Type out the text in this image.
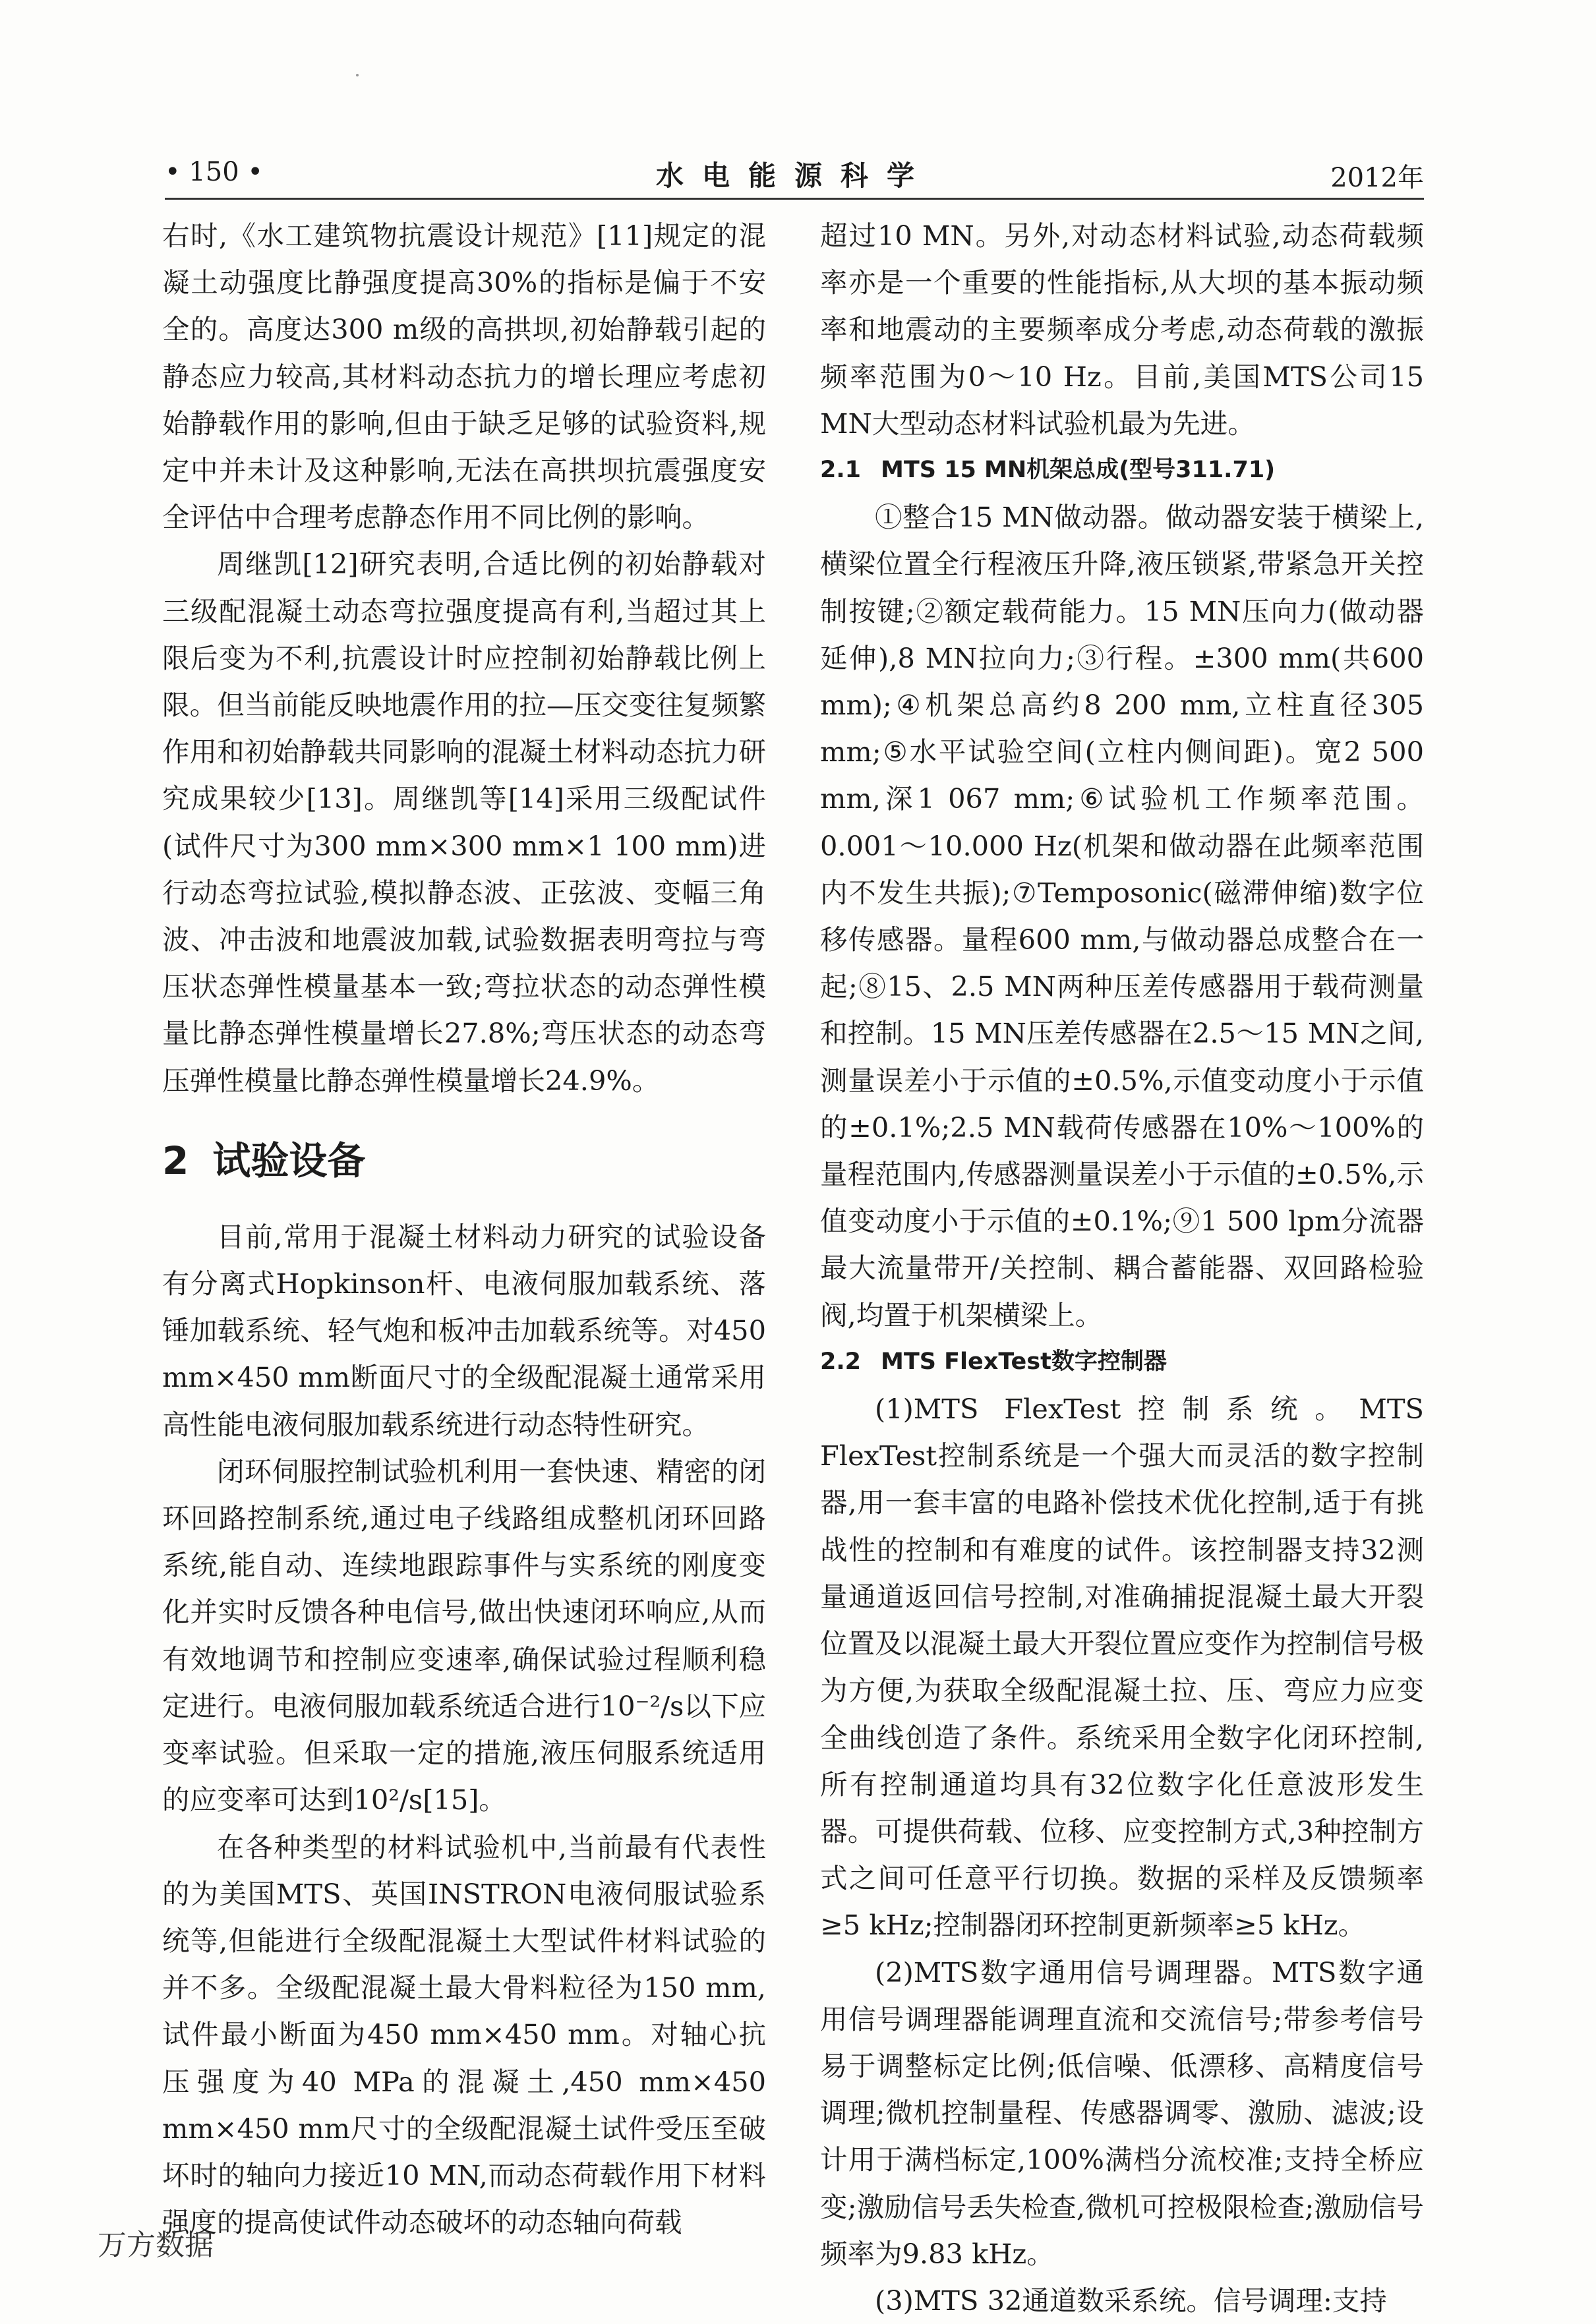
• 150 •	水电能源科学	2012年

右时,《水工建筑物抗震设计规范》[11]规定的混凝土动强度比静强度提高30%的指标是偏于不安全的。高度达300 m级的高拱坝,初始静载引起的静态应力较高,其材料动态抗力的增长理应考虑初始静载作用的影响,但由于缺乏足够的试验资料,规定中并未计及这种影响,无法在高拱坝抗震强度安全评估中合理考虑静态作用不同比例的影响。

周继凯[12]研究表明,合适比例的初始静载对三级配混凝土动态弯拉强度提高有利,当超过其上限后变为不利,抗震设计时应控制初始静载比例上限。但当前能反映地震作用的拉—压交变往复频繁作用和初始静载共同影响的混凝土材料动态抗力研究成果较少[13]。周继凯等[14]采用三级配试件(试件尺寸为300 mm×300 mm×1 100 mm)进行动态弯拉试验,模拟静态波、正弦波、变幅三角波、冲击波和地震波加载,试验数据表明弯拉与弯压状态弹性模量基本一致;弯拉状态的动态弹性模量比静态弹性模量增长27.8%;弯压状态的动态弯压弹性模量比静态弹性模量增长24.9%。

2 试验设备

目前,常用于混凝土材料动力研究的试验设备有分离式Hopkinson杆、电液伺服加载系统、落锤加载系统、轻气炮和板冲击加载系统等。对450 mm×450 mm断面尺寸的全级配混凝土通常采用高性能电液伺服加载系统进行动态特性研究。

闭环伺服控制试验机利用一套快速、精密的闭环回路控制系统,通过电子线路组成整机闭环回路系统,能自动、连续地跟踪事件与实系统的刚度变化并实时反馈各种电信号,做出快速闭环响应,从而有效地调节和控制应变速率,确保试验过程顺利稳定进行。电液伺服加载系统适合进行10⁻²/s以下应变率试验。但采取一定的措施,液压伺服系统适用的应变率可达到10²/s[15]。

在各种类型的材料试验机中,当前最有代表性的为美国MTS、英国INSTRON电液伺服试验系统等,但能进行全级配混凝土大型试件材料试验的并不多。全级配混凝土最大骨料粒径为150 mm,试件最小断面为450 mm×450 mm。对轴心抗压强度为40 MPa的混凝土,450 mm×450 mm×450 mm尺寸的全级配混凝土试件受压至破坏时的轴向力接近10 MN,而动态荷载作用下材料强度的提高使试件动态破坏的动态轴向荷载

超过10 MN。另外,对动态材料试验,动态荷载频率亦是一个重要的性能指标,从大坝的基本振动频率和地震动的主要频率成分考虑,动态荷载的激振频率范围为0～10 Hz。目前,美国MTS公司15 MN大型动态材料试验机最为先进。

2.1 MTS 15 MN机架总成(型号311.71)

①整合15 MN做动器。做动器安装于横梁上,横梁位置全行程液压升降,液压锁紧,带紧急开关控制按键;②额定载荷能力。15 MN压向力(做动器延伸),8 MN拉向力;③行程。±300 mm(共600 mm);④机架总高约8 200 mm,立柱直径305 mm;⑤水平试验空间(立柱内侧间距)。宽2 500 mm,深1 067 mm;⑥试验机工作频率范围。0.001～10.000 Hz(机架和做动器在此频率范围内不发生共振);⑦Temposonic(磁滞伸缩)数字位移传感器。量程600 mm,与做动器总成整合在一起;⑧15、2.5 MN两种压差传感器用于载荷测量和控制。15 MN压差传感器在2.5～15 MN之间,测量误差小于示值的±0.5%,示值变动度小于示值的±0.1%;2.5 MN载荷传感器在10%～100%的量程范围内,传感器测量误差小于示值的±0.5%,示值变动度小于示值的±0.1%;⑨1 500 lpm分流器最大流量带开/关控制、耦合蓄能器、双回路检验阀,均置于机架横梁上。

2.2 MTS FlexTest数字控制器

(1)MTS FlexTest控制系统。MTS FlexTest控制系统是一个强大而灵活的数字控制器,用一套丰富的电路补偿技术优化控制,适于有挑战性的控制和有难度的试件。该控制器支持32测量通道返回信号控制,对准确捕捉混凝土最大开裂位置及以混凝土最大开裂位置应变作为控制信号极为方便,为获取全级配混凝土拉、压、弯应力应变全曲线创造了条件。系统采用全数字化闭环控制,所有控制通道均具有32位数字化任意波形发生器。可提供荷载、位移、应变控制方式,3种控制方式之间可任意平行切换。数据的采样及反馈频率≥5 kHz;控制器闭环控制更新频率≥5 kHz。

(2)MTS数字通用信号调理器。MTS数字通用信号调理器能调理直流和交流信号;带参考信号易于调整标定比例;低信噪、低漂移、高精度信号调理;微机控制量程、传感器调零、激励、滤波;设计用于满档标定,100%满档分流校准;支持全桥应变;激励信号丢失检查,微机可控极限检查;激励信号频率为9.83 kHz。

(3)MTS 32通道数采系统。信号调理:支持

万方数据
